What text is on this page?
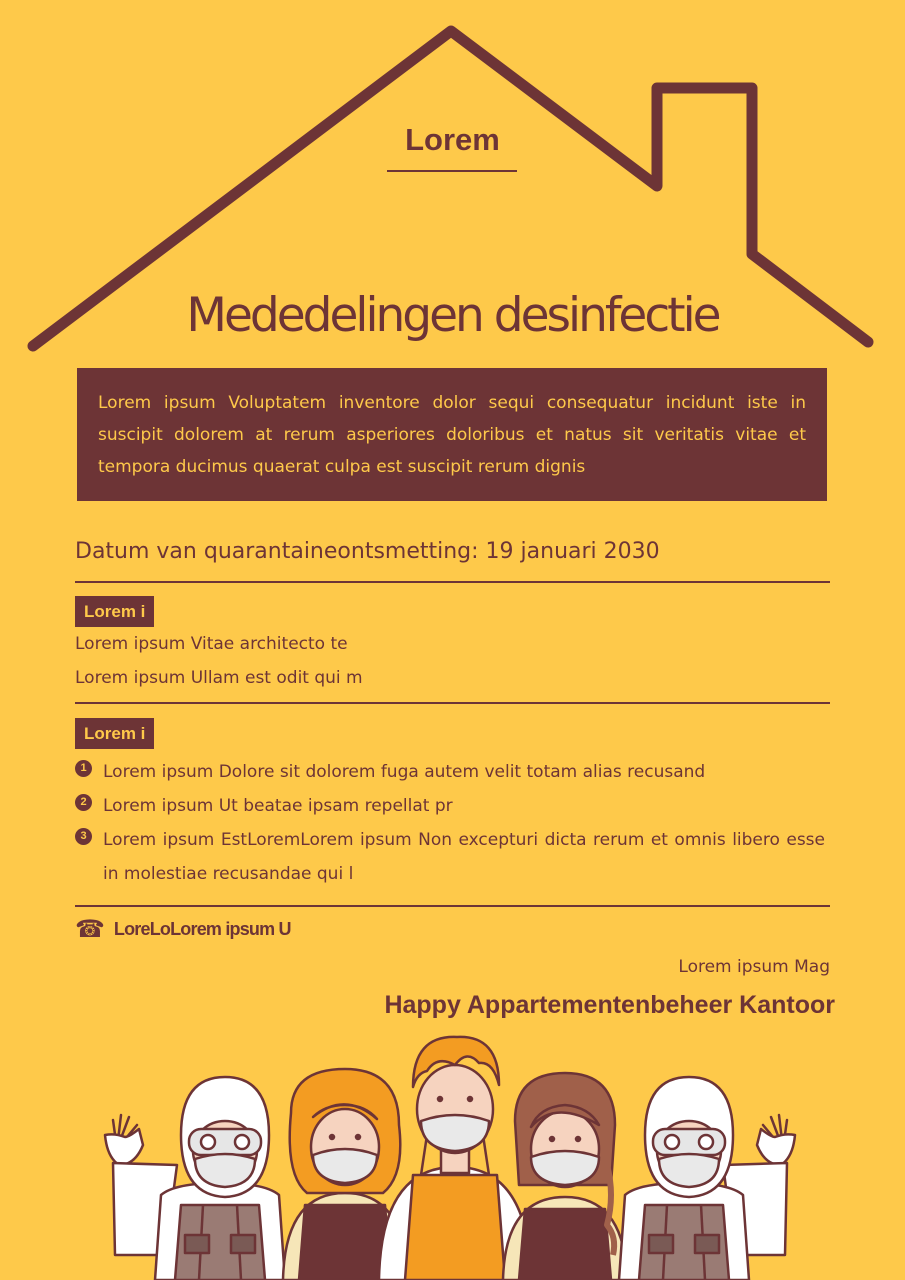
Lorem
Mededelingen desinfectie
Lorem ipsum Voluptatem inventore dolor sequi consequatur incidunt iste in suscipit dolorem at rerum asperiores doloribus et natus sit veritatis vitae et tempora ducimus quaerat culpa est suscipit rerum dignis
Datum van quarantaineontsmetting: 19 januari 2030
Lorem i
Lorem ipsum Vitae architecto te
Lorem ipsum Ullam est odit qui m
Lorem i
1 Lorem ipsum Dolore sit dolorem fuga autem velit totam alias recusand
2 Lorem ipsum Ut beatae ipsam repellat pr
3 Lorem ipsum EstLoremLorem ipsum Non excepturi dicta rerum et omnis libero esse in molestiae recusandae qui l
☎ LoreLoLorem ipsum U
Lorem ipsum Mag
Happy Appartementenbeheer Kantoor
